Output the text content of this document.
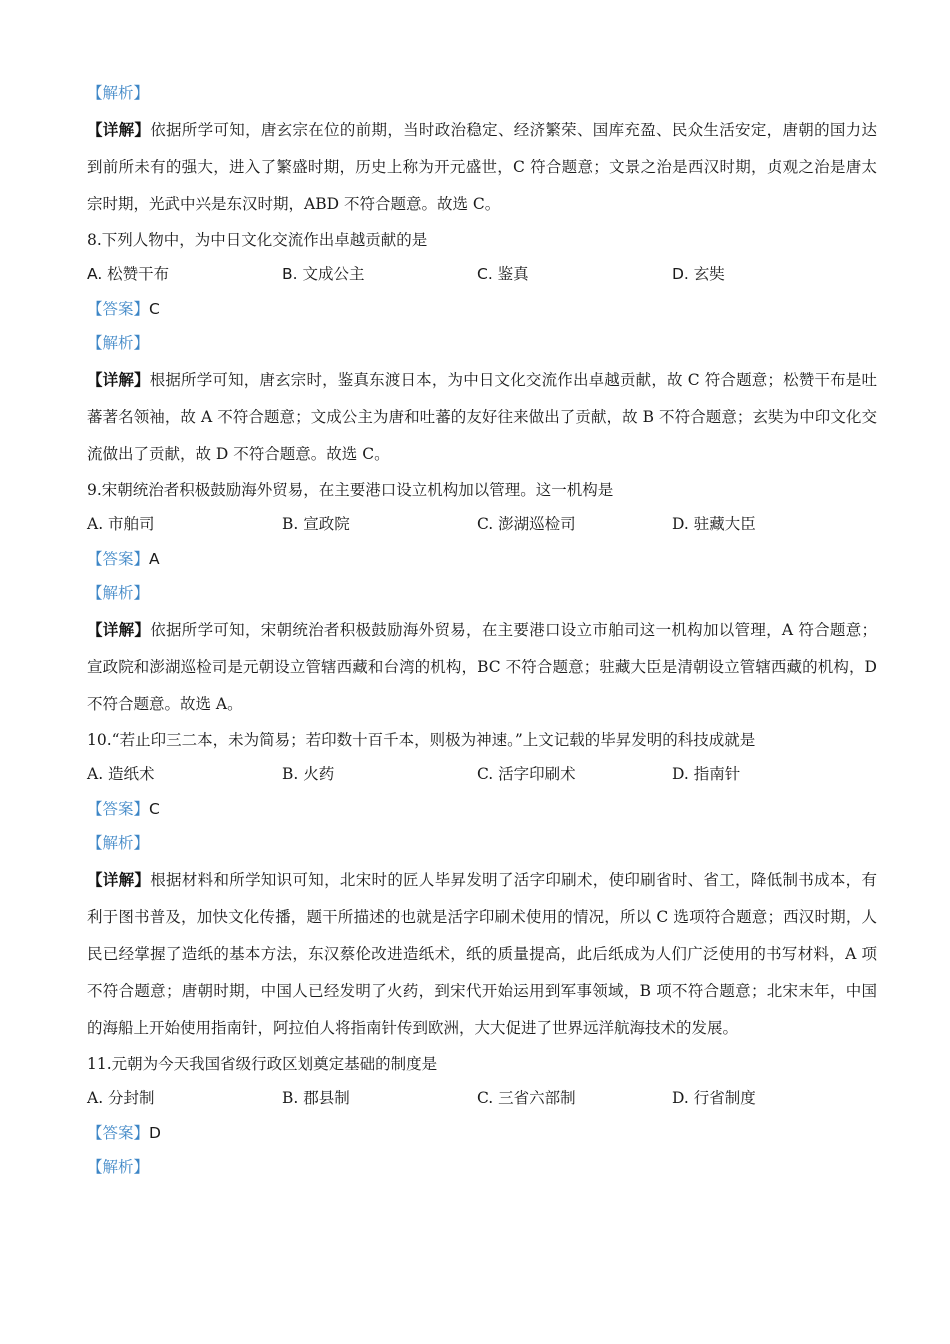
【解析】
【详解】依据所学可知，唐玄宗在位的前期，当时政治稳定、经济繁荣、国库充盈、民众生活安定，唐朝的国力达到前所未有的强大，进入了繁盛时期，历史上称为开元盛世，C 符合题意；文景之治是西汉时期，贞观之治是唐太宗时期，光武中兴是东汉时期，ABD 不符合题意。故选 C。
8.下列人物中，为中日文化交流作出卓越贡献的是
A. 松赞干布	B. 文成公主	C. 鉴真	D. 玄奘
【答案】C
【解析】
【详解】根据所学可知，唐玄宗时，鉴真东渡日本，为中日文化交流作出卓越贡献，故 C 符合题意；松赞干布是吐蕃著名领袖，故 A 不符合题意；文成公主为唐和吐蕃的友好往来做出了贡献，故 B 不符合题意；玄奘为中印文化交流做出了贡献，故 D 不符合题意。故选 C。
9.宋朝统治者积极鼓励海外贸易，在主要港口设立机构加以管理。这一机构是
A. 市舶司	B. 宣政院	C. 澎湖巡检司	D. 驻藏大臣
【答案】A
【解析】
【详解】依据所学可知，宋朝统治者积极鼓励海外贸易，在主要港口设立市舶司这一机构加以管理，A 符合题意；宣政院和澎湖巡检司是元朝设立管辖西藏和台湾的机构，BC 不符合题意；驻藏大臣是清朝设立管辖西藏的机构，D 不符合题意。故选 A。
10.“若止印三二本，未为简易；若印数十百千本，则极为神速。”上文记载的毕昇发明的科技成就是
A. 造纸术	B. 火药	C. 活字印刷术	D. 指南针
【答案】C
【解析】
【详解】根据材料和所学知识可知，北宋时的匠人毕昇发明了活字印刷术，使印刷省时、省工，降低制书成本，有利于图书普及，加快文化传播，题干所描述的也就是活字印刷术使用的情况，所以 C 选项符合题意；西汉时期，人民已经掌握了造纸的基本方法，东汉蔡伦改进造纸术，纸的质量提高，此后纸成为人们广泛使用的书写材料，A 项不符合题意；唐朝时期，中国人已经发明了火药，到宋代开始运用到军事领域，B 项不符合题意；北宋末年，中国的海船上开始使用指南针，阿拉伯人将指南针传到欧洲，大大促进了世界远洋航海技术的发展。
11.元朝为今天我国省级行政区划奠定基础的制度是
A. 分封制	B. 郡县制	C. 三省六部制	D. 行省制度
【答案】D
【解析】
